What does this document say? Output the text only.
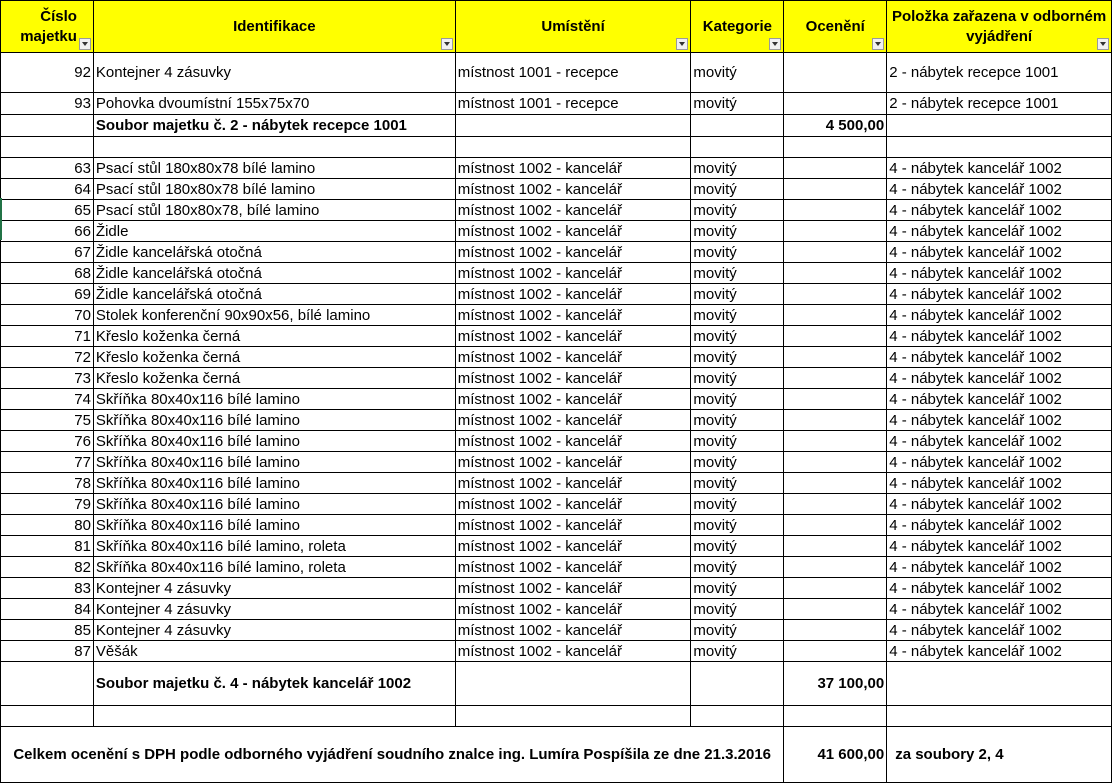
Číslo majetku	Identifikace	Umístění	Kategorie	Ocenění	Položka zařazena v odborném vyjádření

92	Kontejner 4 zásuvky	místnost 1001 - recepce	movitý		2 - nábytek recepce 1001
93	Pohovka dvoumístní 155x75x70	místnost 1001 - recepce	movitý		2 - nábytek recepce 1001
	Soubor majetku č. 2 - nábytek recepce 1001			4 500,00	

63	Psací stůl 180x80x78 bílé lamino	místnost 1002 - kancelář	movitý		4 - nábytek kancelář 1002
64	Psací stůl 180x80x78 bílé lamino	místnost 1002 - kancelář	movitý		4 - nábytek kancelář 1002
65	Psací stůl 180x80x78, bílé lamino	místnost 1002 - kancelář	movitý		4 - nábytek kancelář 1002
66	Židle	místnost 1002 - kancelář	movitý		4 - nábytek kancelář 1002
67	Židle kancelářská otočná	místnost 1002 - kancelář	movitý		4 - nábytek kancelář 1002
68	Židle kancelářská otočná	místnost 1002 - kancelář	movitý		4 - nábytek kancelář 1002
69	Židle kancelářská otočná	místnost 1002 - kancelář	movitý		4 - nábytek kancelář 1002
70	Stolek konferenční 90x90x56, bílé lamino	místnost 1002 - kancelář	movitý		4 - nábytek kancelář 1002
71	Křeslo koženka černá	místnost 1002 - kancelář	movitý		4 - nábytek kancelář 1002
72	Křeslo koženka černá	místnost 1002 - kancelář	movitý		4 - nábytek kancelář 1002
73	Křeslo koženka černá	místnost 1002 - kancelář	movitý		4 - nábytek kancelář 1002
74	Skříňka 80x40x116 bílé lamino	místnost 1002 - kancelář	movitý		4 - nábytek kancelář 1002
75	Skříňka 80x40x116 bílé lamino	místnost 1002 - kancelář	movitý		4 - nábytek kancelář 1002
76	Skříňka 80x40x116 bílé lamino	místnost 1002 - kancelář	movitý		4 - nábytek kancelář 1002
77	Skříňka 80x40x116 bílé lamino	místnost 1002 - kancelář	movitý		4 - nábytek kancelář 1002
78	Skříňka 80x40x116 bílé lamino	místnost 1002 - kancelář	movitý		4 - nábytek kancelář 1002
79	Skříňka 80x40x116 bílé lamino	místnost 1002 - kancelář	movitý		4 - nábytek kancelář 1002
80	Skříňka 80x40x116 bílé lamino	místnost 1002 - kancelář	movitý		4 - nábytek kancelář 1002
81	Skříňka 80x40x116 bílé lamino, roleta	místnost 1002 - kancelář	movitý		4 - nábytek kancelář 1002
82	Skříňka 80x40x116 bílé lamino, roleta	místnost 1002 - kancelář	movitý		4 - nábytek kancelář 1002
83	Kontejner 4 zásuvky	místnost 1002 - kancelář	movitý		4 - nábytek kancelář 1002
84	Kontejner 4 zásuvky	místnost 1002 - kancelář	movitý		4 - nábytek kancelář 1002
85	Kontejner 4 zásuvky	místnost 1002 - kancelář	movitý		4 - nábytek kancelář 1002
87	Věšák	místnost 1002 - kancelář	movitý		4 - nábytek kancelář 1002
	Soubor majetku č. 4 - nábytek kancelář 1002			37 100,00	

Celkem ocenění s DPH podle odborného vyjádření soudního znalce ing. Lumíra Pospíšila ze dne 21.3.2016				41 600,00	za soubory 2, 4
